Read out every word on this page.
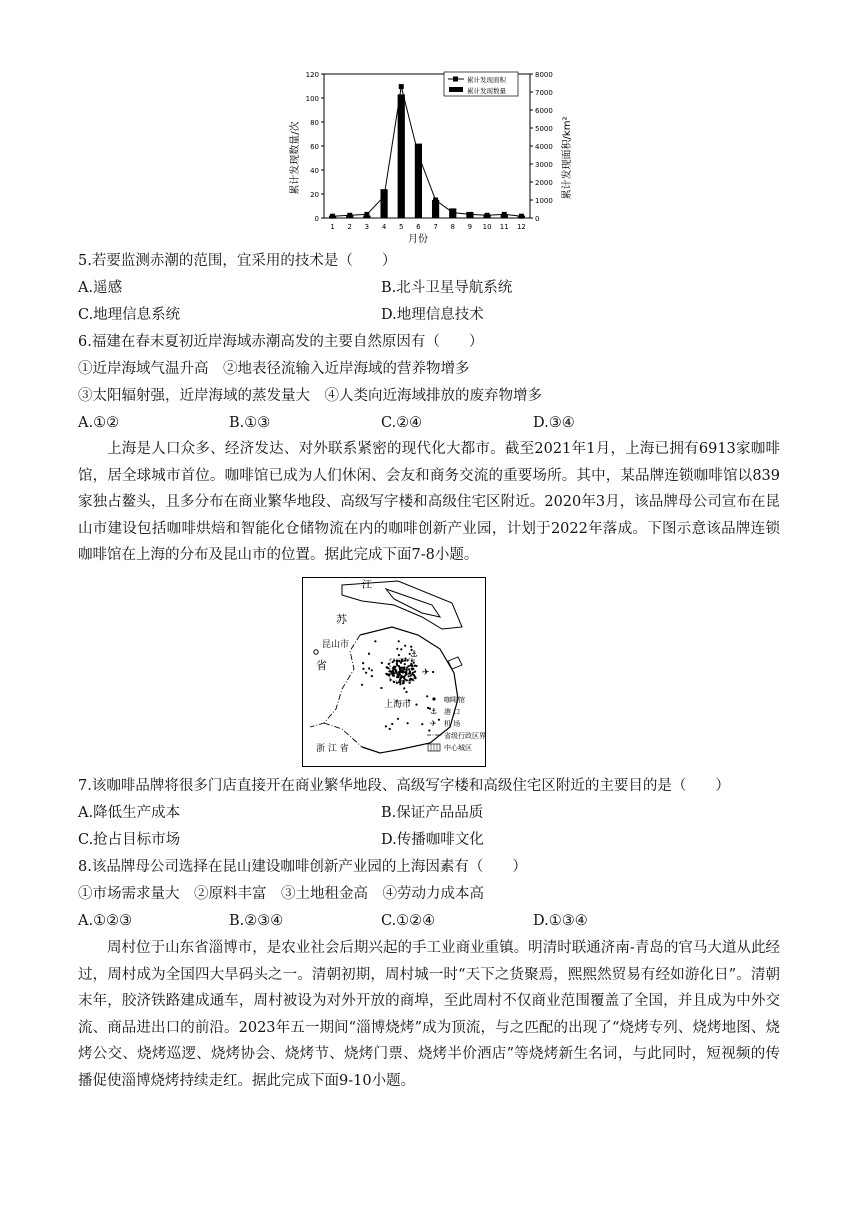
累计发现数量/次	累计发现面积/km²
月份
0
20
40
60
80
100
120
0
1000
2000
3000
4000
5000
6000
7000
8000
1 2 3 4 5 6 7 8 9 10 11 12
累计发现面积
累计发现数量
5.若要监测赤潮的范围，宜采用的技术是（　　）
A.遥感	B.北斗卫星导航系统
C.地理信息系统	D.地理信息技术
6.福建在春末夏初近岸海域赤潮高发的主要自然原因有（　　）
①近岸海域气温升高　②地表径流输入近岸海域的营养物增多
③太阳辐射强，近岸海域的蒸发量大　④人类向近海域排放的废弃物增多
A.①②	B.①③	C.②④	D.③④
上海是人口众多、经济发达、对外联系紧密的现代化大都市。截至2021年1月，上海已拥有6913家咖啡馆，居全球城市首位。咖啡馆已成为人们休闲、会友和商务交流的重要场所。其中，某品牌连锁咖啡馆以839家独占鳌头，且多分布在商业繁华地段、高级写字楼和高级住宅区附近。2020年3月，该品牌母公司宣布在昆山市建设包括咖啡烘焙和智能化仓储物流在内的咖啡创新产业园，计划于2022年落成。下图示意该品牌连锁咖啡馆在上海的分布及昆山市的位置。据此完成下面7-8小题。
⚓
✈
江
苏
省
昆山市
上海市
浙 江 省
咖啡馆
⚓ 港 口
✈ 机 场
省级行政区界
中心城区
7.该咖啡品牌将很多门店直接开在商业繁华地段、高级写字楼和高级住宅区附近的主要目的是（　　）
A.降低生产成本	B.保证产品品质
C.抢占目标市场	D.传播咖啡文化
8.该品牌母公司选择在昆山建设咖啡创新产业园的上海因素有（　　）
①市场需求量大　②原料丰富　③土地租金高　④劳动力成本高
A.①②③	B.②③④	C.①②④	D.①③④
周村位于山东省淄博市，是农业社会后期兴起的手工业商业重镇。明清时联通济南-青岛的官马大道从此经过，周村成为全国四大旱码头之一。清朝初期，周村城一时“天下之货聚焉，熙熙然贸易有经如游化日”。清朝末年，胶济铁路建成通车，周村被设为对外开放的商埠，至此周村不仅商业范围覆盖了全国，并且成为中外交流、商品进出口的前沿。2023年五一期间“淄博烧烤”成为顶流，与之匹配的出现了“烧烤专列、烧烤地图、烧烤公交、烧烤巡逻、烧烤协会、烧烤节、烧烤门票、烧烤半价酒店”等烧烤新生名词，与此同时，短视频的传播促使淄博烧烤持续走红。据此完成下面9-10小题。
